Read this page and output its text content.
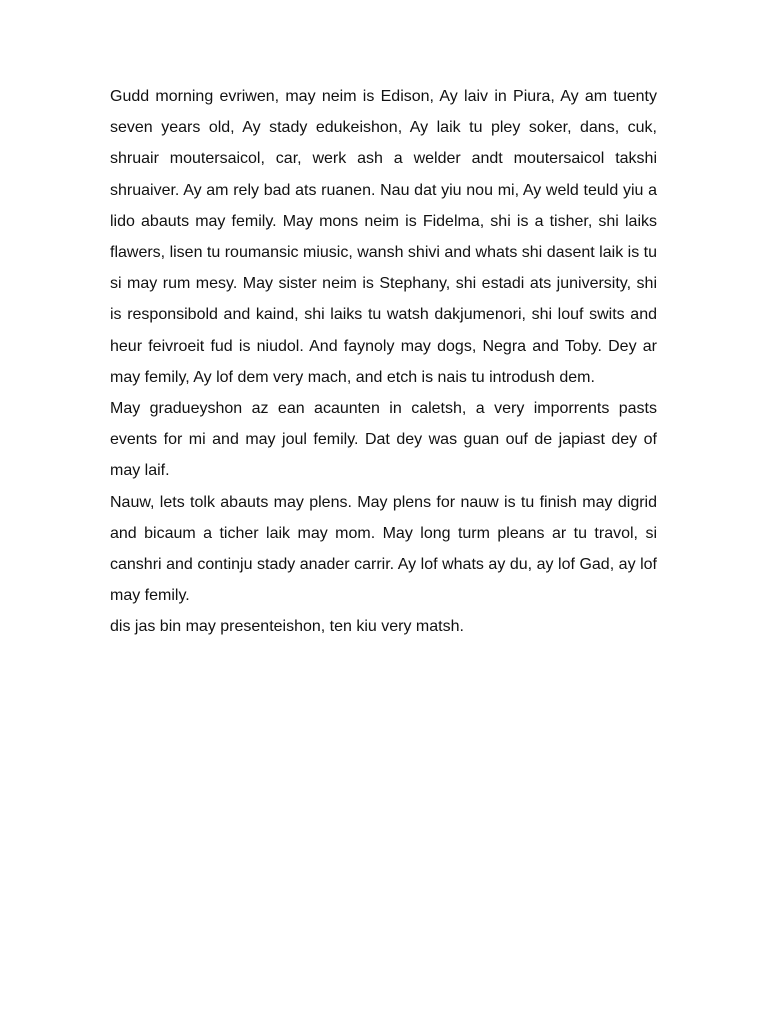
Gudd morning evriwen, may neim is Edison, Ay laiv in Piura, Ay am tuenty seven years old, Ay stady edukeishon, Ay laik tu pley soker, dans, cuk, shruair moutersaicol, car, werk ash a welder andt moutersaicol takshi shruaiver. Ay am rely bad ats ruanen. Nau dat yiu nou mi, Ay weld teuld yiu a lido abauts may femily. May mons neim is Fidelma, shi is a tisher, shi laiks flawers, lisen tu roumansic miusic, wansh shivi and whats shi dasent laik is tu si may rum mesy. May sister neim is Stephany, shi estadi ats juniversity, shi is responsibold and kaind, shi laiks tu watsh dakjumenori, shi louf swits and heur feivroeit fud is niudol. And faynoly may dogs, Negra and Toby. Dey ar may femily, Ay lof dem very mach, and etch is nais tu introdush dem.

May gradueyshon az ean acaunten in caletsh, a very imporrents pasts events for mi and may joul femily. Dat dey was guan ouf de japiast dey of may laif.

Nauw, lets tolk abauts may plens. May plens for nauw is tu finish may digrid and bicaum a ticher laik may mom. May long turm pleans ar tu travol, si canshri and continju stady anader carrir. Ay lof whats ay du, ay lof Gad, ay lof may femily.

dis jas bin may presenteishon, ten kiu very matsh.
